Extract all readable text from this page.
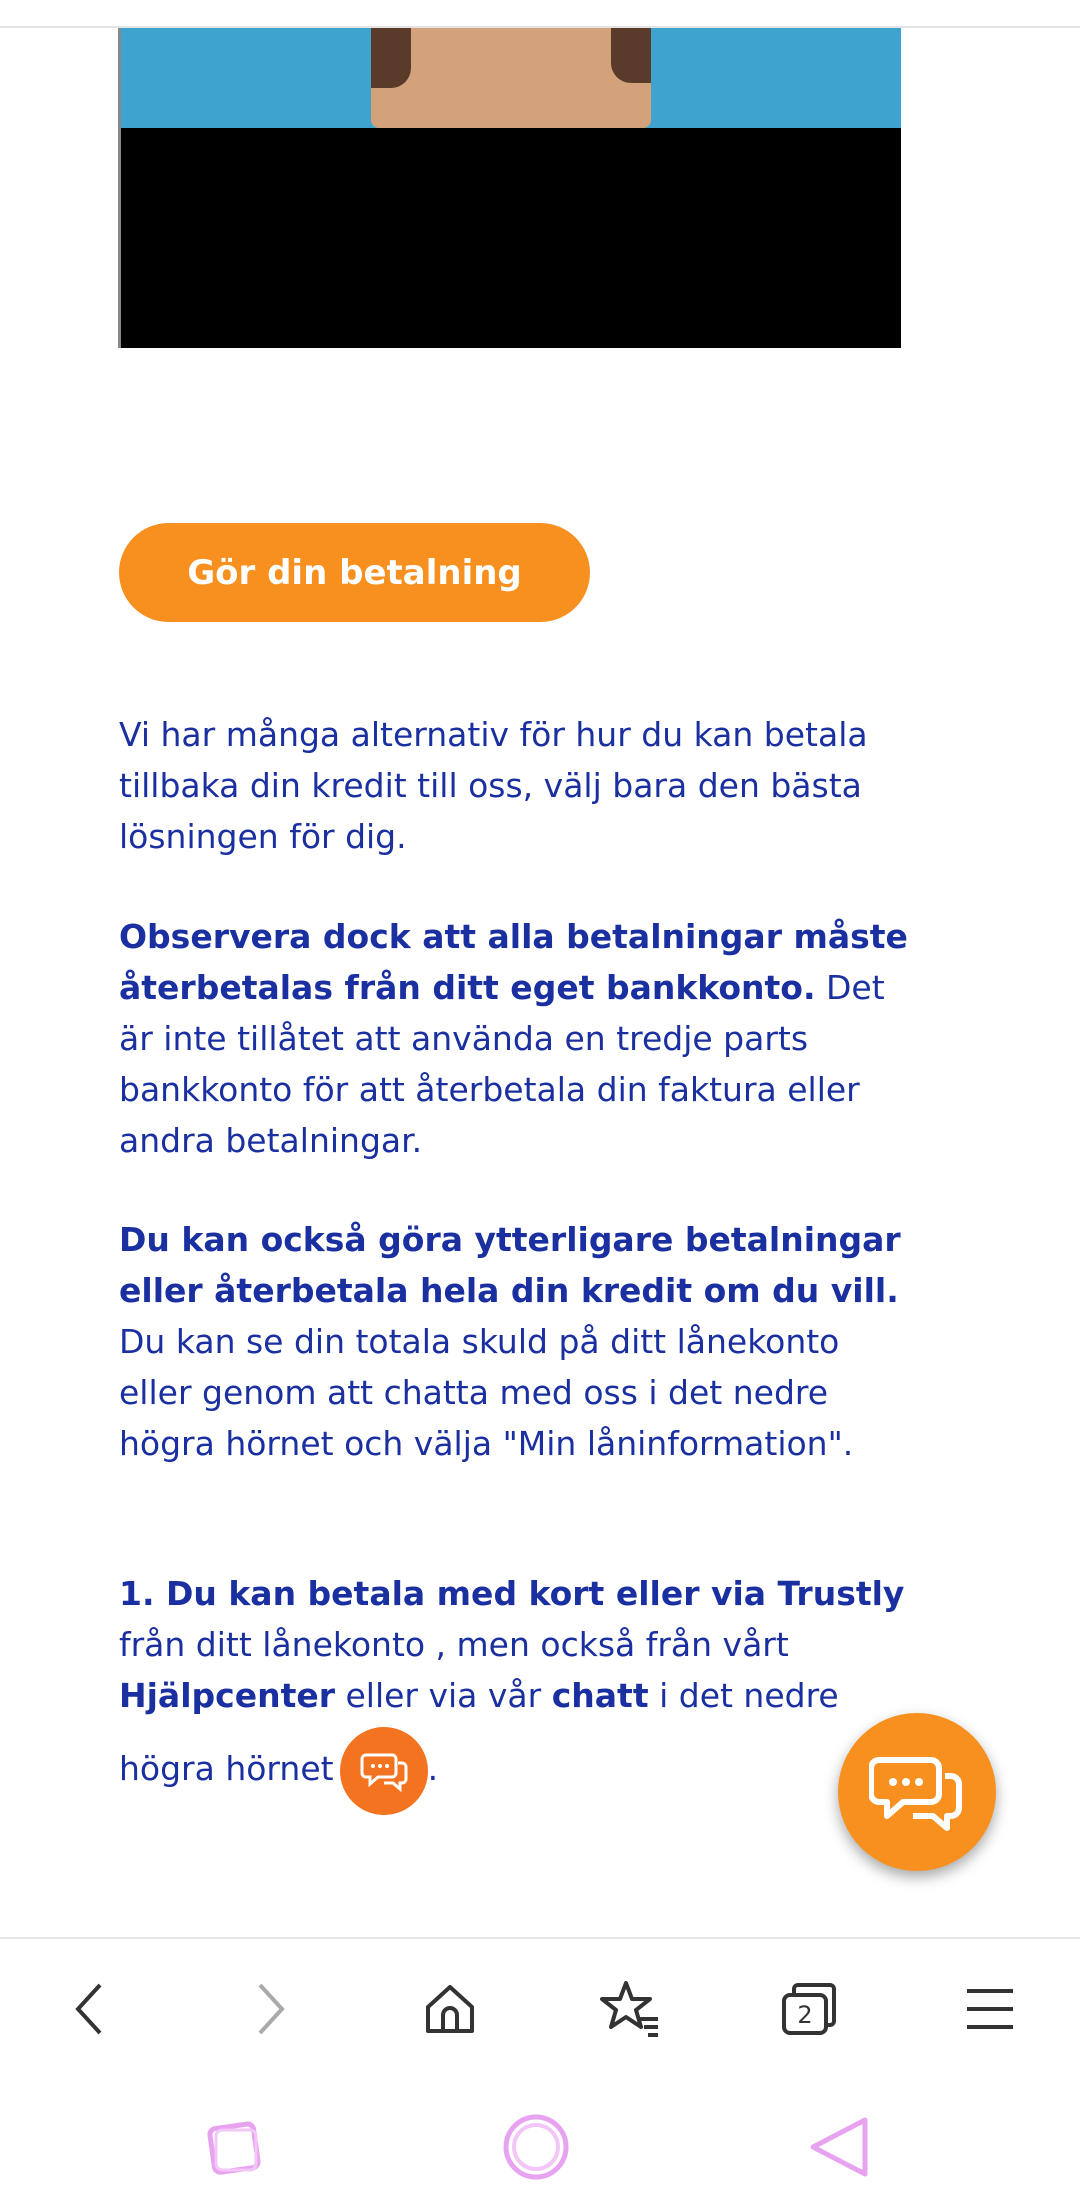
Gör din betalning

Vi har många alternativ för hur du kan betala tillbaka din kredit till oss, välj bara den bästa lösningen för dig.

Observera dock att alla betalningar måste återbetalas från ditt eget bankkonto. Det är inte tillåtet att använda en tredje parts bankkonto för att återbetala din faktura eller andra betalningar.

Du kan också göra ytterligare betalningar eller återbetala hela din kredit om du vill.
Du kan se din totala skuld på ditt lånekonto eller genom att chatta med oss i det nedre högra hörnet och välja "Min låninformation".

1. Du kan betala med kort eller via Trustly
från ditt lånekonto , men också från vårt Hjälpcenter eller via vår chatt i det nedre
högra hörnet	.

2
